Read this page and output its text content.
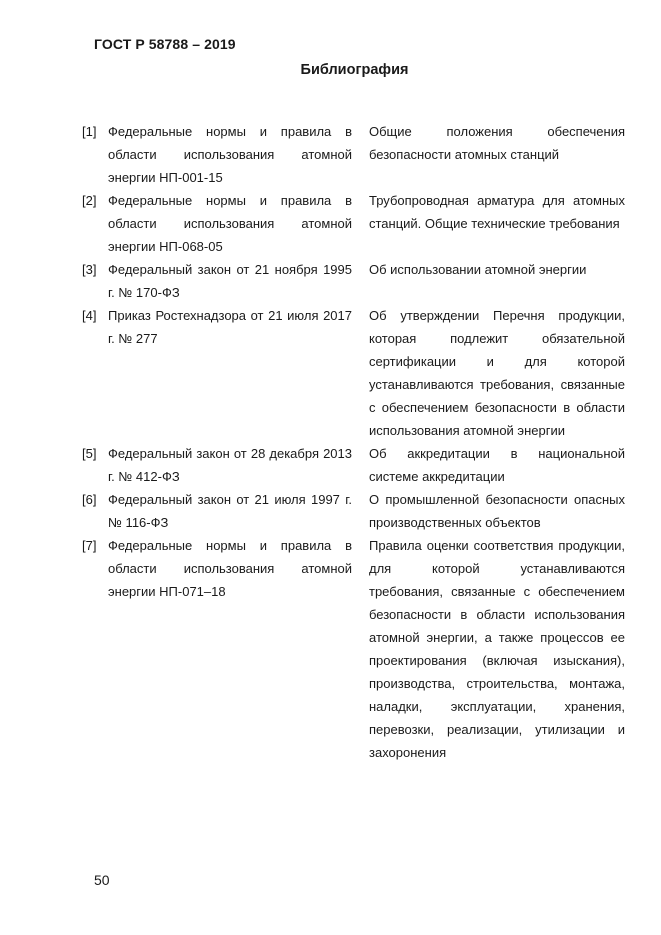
ГОСТ Р 58788 – 2019
Библиография
[1] Федеральные нормы и правила в области использования атомной энергии НП-001-15
Общие положения обеспечения безопасности атомных станций
[2] Федеральные нормы и правила в области использования атомной энергии НП-068-05
Трубопроводная арматура для атомных станций. Общие технические требования
[3] Федеральный закон от 21 ноября 1995 г. № 170-ФЗ
Об использовании атомной энергии
[4] Приказ Ростехнадзора от 21 июля 2017 г. № 277
Об утверждении Перечня продукции, которая подлежит обязательной сертификации и для которой устанавливаются требования, связанные с обеспечением безопасности в области использования атомной энергии
[5] Федеральный закон от 28 декабря 2013 г. № 412-ФЗ
Об аккредитации в национальной системе аккредитации
[6] Федеральный закон от 21 июля 1997 г. № 116-ФЗ
О промышленной безопасности опасных производственных объектов
[7] Федеральные нормы и правила в области использования атомной энергии НП-071–18
Правила оценки соответствия продукции, для которой устанавливаются требования, связанные с обеспечением безопасности в области использования атомной энергии, а также процессов ее проектирования (включая изыскания), производства, строительства, монтажа, наладки, эксплуатации, хранения, перевозки, реализации, утилизации и захоронения
50
